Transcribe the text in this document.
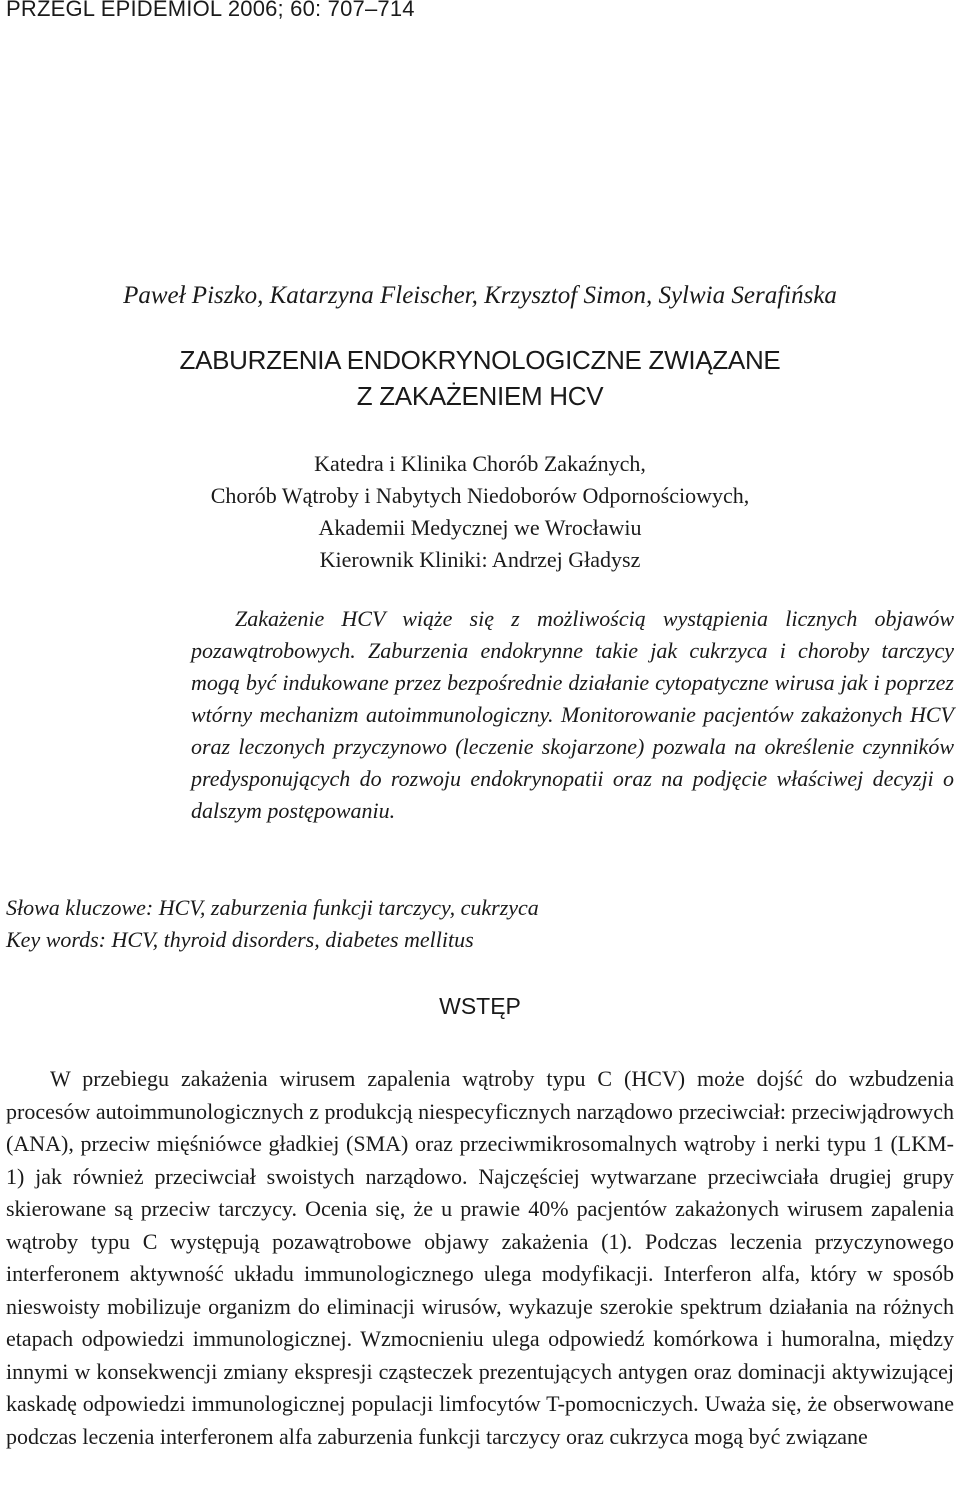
PRZEGL EPIDEMIOL 2006; 60: 707–714
Paweł Piszko, Katarzyna Fleischer, Krzysztof Simon, Sylwia Serafińska
ZABURZENIA ENDOKRYNOLOGICZNE ZWIĄZANE
Z ZAKAŻENIEM HCV
Katedra i Klinika Chorób Zakaźnych,
Chorób Wątroby i Nabytych Niedoborów Odpornościowych,
Akademii Medycznej we Wrocławiu
Kierownik Kliniki: Andrzej Gładysz

Zakażenie HCV wiąże się z możliwością wystąpienia licznych objawów pozawątrobowych. Zaburzenia endokrynne takie jak cukrzyca i choroby tarczycy mogą być indukowane przez bezpośrednie działanie cytopatyczne wirusa jak i poprzez wtórny mechanizm autoimmunologiczny. Monitorowanie pacjentów zakażonych HCV oraz leczonych przyczynowo (leczenie skojarzone) pozwala na określenie czynników predysponujących do rozwoju endokrynopatii oraz na podjęcie właściwej decyzji o dalszym postępowaniu.

Słowa kluczowe: HCV, zaburzenia funkcji tarczycy, cukrzyca
Key words: HCV, thyroid disorders, diabetes mellitus
WSTĘP

W przebiegu zakażenia wirusem zapalenia wątroby typu C (HCV) może dojść do wzbudzenia procesów autoimmunologicznych z produkcją niespecyficznych narządowo przeciwciał: przeciwjądrowych (ANA), przeciw mięśniówce gładkiej (SMA) oraz przeciwmikrosomalnych wątroby i nerki typu 1 (LKM-1) jak również przeciwciał swoistych narządowo. Najczęściej wytwarzane przeciwciała drugiej grupy skierowane są przeciw tarczycy. Ocenia się, że u prawie 40% pacjentów zakażonych wirusem zapalenia wątroby typu C występują pozawątrobowe objawy zakażenia (1). Podczas leczenia przyczynowego interferonem aktywność układu immunologicznego ulega modyfikacji. Interferon alfa, który w sposób nieswoisty mobilizuje organizm do eliminacji wirusów, wykazuje szerokie spektrum działania na różnych etapach odpowiedzi immunologicznej. Wzmocnieniu ulega odpowiedź komórkowa i humoralna, między innymi w konsekwencji zmiany ekspresji cząsteczek prezentujących antygen oraz dominacji aktywizującej kaskadę odpowiedzi immunologicznej populacji limfocytów T-pomocniczych. Uważa się, że obserwowane podczas leczenia interferonem alfa zaburzenia funkcji tarczycy oraz cukrzyca mogą być związane
